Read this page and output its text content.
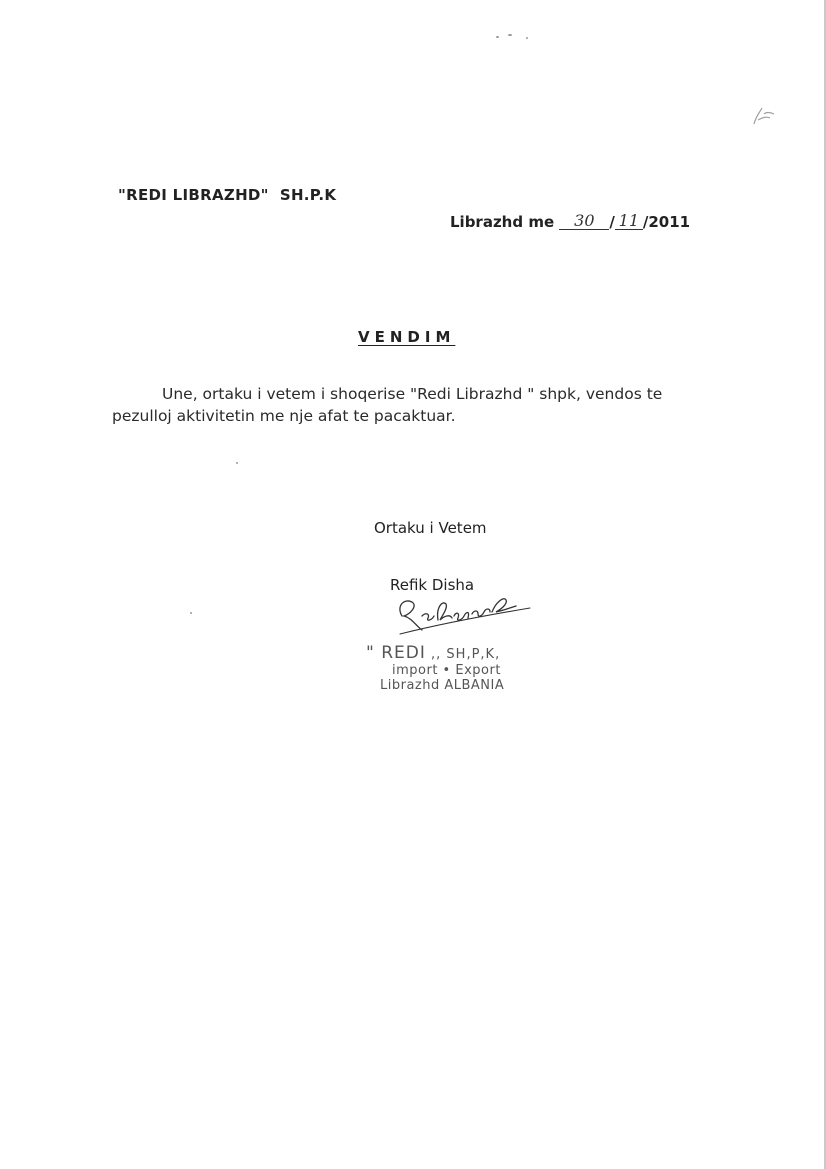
"REDI LIBRAZHD"  SH.P.K
Librazhd me 30 / 11 /2011
VENDIM
Une, ortaku i vetem i shoqerise "Redi Librazhd " shpk, vendos te pezulloj aktivitetin me nje afat te pacaktuar.
Ortaku i Vetem
Refik Disha
" REDI ,, SH,P,K,
import • Export
Librazhd ALBANIA
